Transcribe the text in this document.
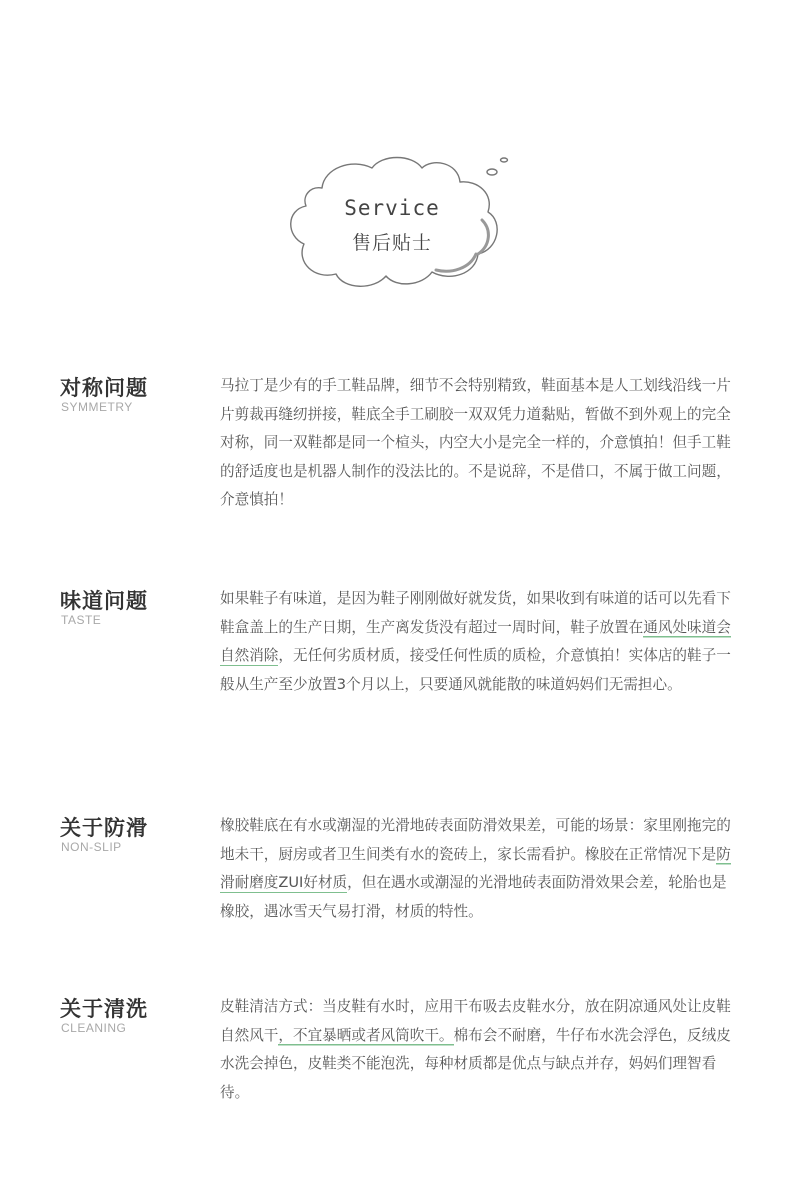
Service
售后贴士
对称问题
SYMMETRY

马拉丁是少有的手工鞋品牌，细节不会特别精致，鞋面基本是人工划线沿线一片片剪裁再缝纫拼接，鞋底全手工刷胶一双双凭力道黏贴，暂做不到外观上的完全对称，同一双鞋都是同一个楦头，内空大小是完全一样的，介意慎拍！但手工鞋的舒适度也是机器人制作的没法比的。不是说辞，不是借口，不属于做工问题，介意慎拍！

味道问题
TASTE

如果鞋子有味道，是因为鞋子刚刚做好就发货，如果收到有味道的话可以先看下鞋盒盖上的生产日期，生产离发货没有超过一周时间，鞋子放置在通风处味道会自然消除，无任何劣质材质，接受任何性质的质检，介意慎拍！实体店的鞋子一般从生产至少放置3个月以上，只要通风就能散的味道妈妈们无需担心。

关于防滑
NON-SLIP

橡胶鞋底在有水或潮湿的光滑地砖表面防滑效果差，可能的场景：家里刚拖完的地未干，厨房或者卫生间类有水的瓷砖上，家长需看护。橡胶在正常情况下是防滑耐磨度ZUI好材质，但在遇水或潮湿的光滑地砖表面防滑效果会差，轮胎也是橡胶，遇冰雪天气易打滑，材质的特性。

关于清洗
CLEANING

皮鞋清洁方式：当皮鞋有水时，应用干布吸去皮鞋水分，放在阴凉通风处让皮鞋自然风干，不宜暴晒或者风筒吹干。棉布会不耐磨，牛仔布水洗会浮色，反绒皮水洗会掉色，皮鞋类不能泡洗，每种材质都是优点与缺点并存，妈妈们理智看待。
